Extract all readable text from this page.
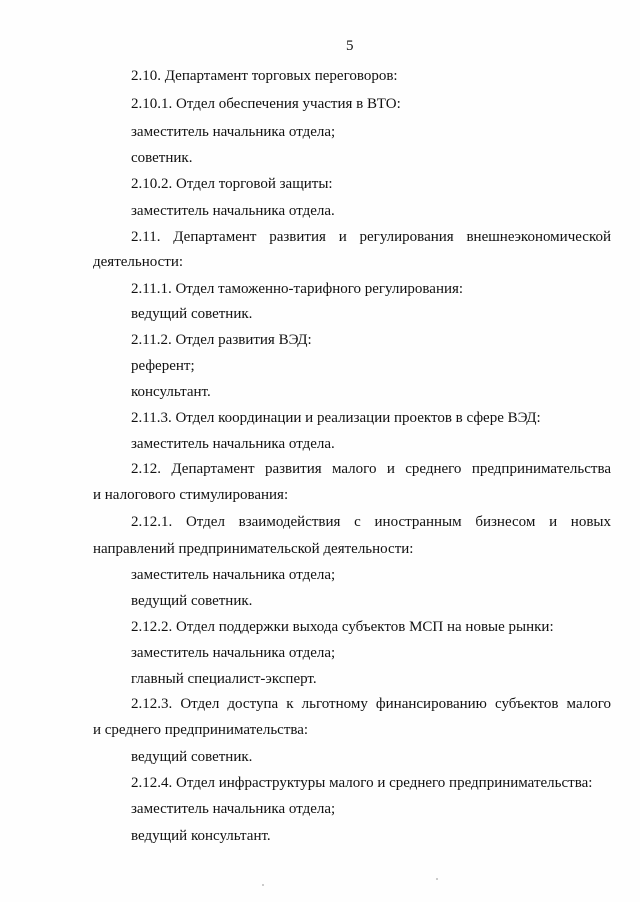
5
2.10. Департамент торговых переговоров:
2.10.1. Отдел обеспечения участия в ВТО:
заместитель начальника отдела;
советник.
2.10.2. Отдел торговой защиты:
заместитель начальника отдела.
2.11. Департамент развития и регулирования внешнеэкономической
деятельности:
2.11.1. Отдел таможенно-тарифного регулирования:
ведущий советник.
2.11.2. Отдел развития ВЭД:
референт;
консультант.
2.11.3. Отдел координации и реализации проектов в сфере ВЭД:
заместитель начальника отдела.
2.12. Департамент развития малого и среднего предпринимательства
и налогового стимулирования:
2.12.1. Отдел взаимодействия с иностранным бизнесом и новых
направлений предпринимательской деятельности:
заместитель начальника отдела;
ведущий советник.
2.12.2. Отдел поддержки выхода субъектов МСП на новые рынки:
заместитель начальника отдела;
главный специалист-эксперт.
2.12.3. Отдел доступа к льготному финансированию субъектов малого
и среднего предпринимательства:
ведущий советник.
2.12.4. Отдел инфраструктуры малого и среднего предпринимательства:
заместитель начальника отдела;
ведущий консультант.
